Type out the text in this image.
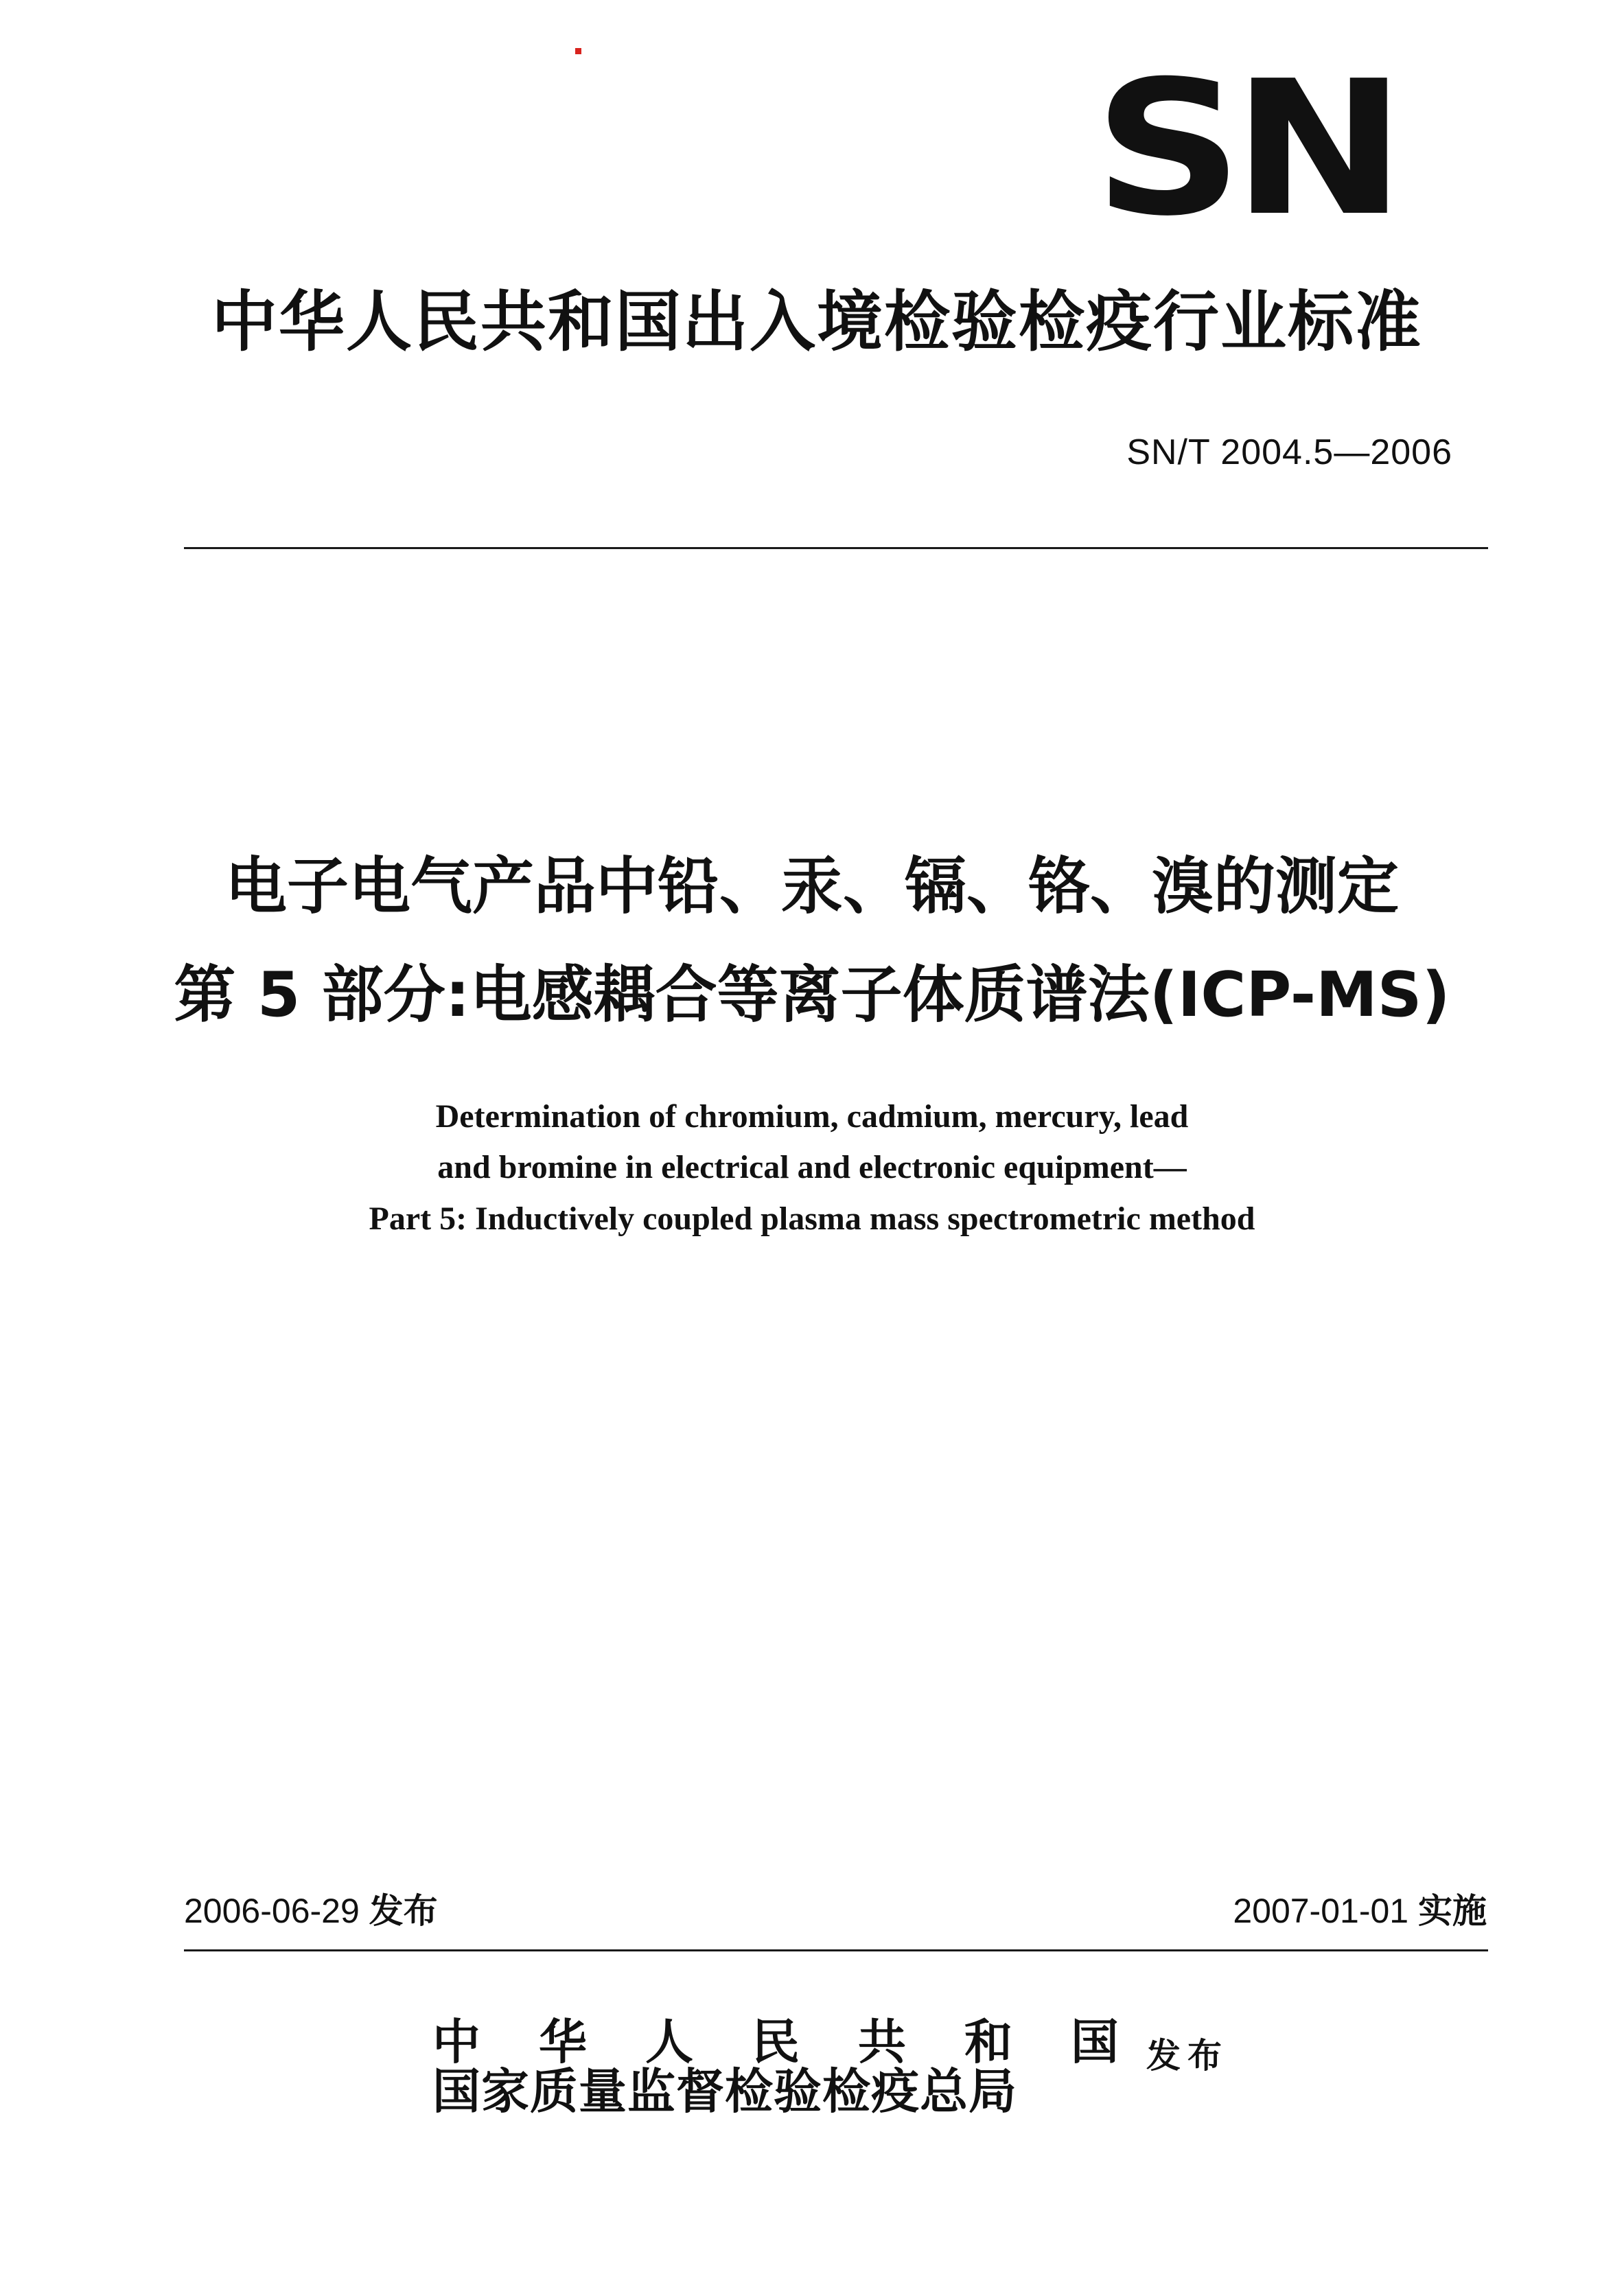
SN
中华人民共和国出入境检验检疫行业标准
SN/T 2004.5—2006
电子电气产品中铅、汞、镉、铬、溴的测定
第 5 部分:电感耦合等离子体质谱法(ICP-MS)
Determination of chromium, cadmium, mercury, lead
and bromine in electrical and electronic equipment—
Part 5: Inductively coupled plasma mass spectrometric method
2006-06-29 发布	2007-01-01 实施
中 华 人 民 共 和 国
国家质量监督检验检疫总局
发布
